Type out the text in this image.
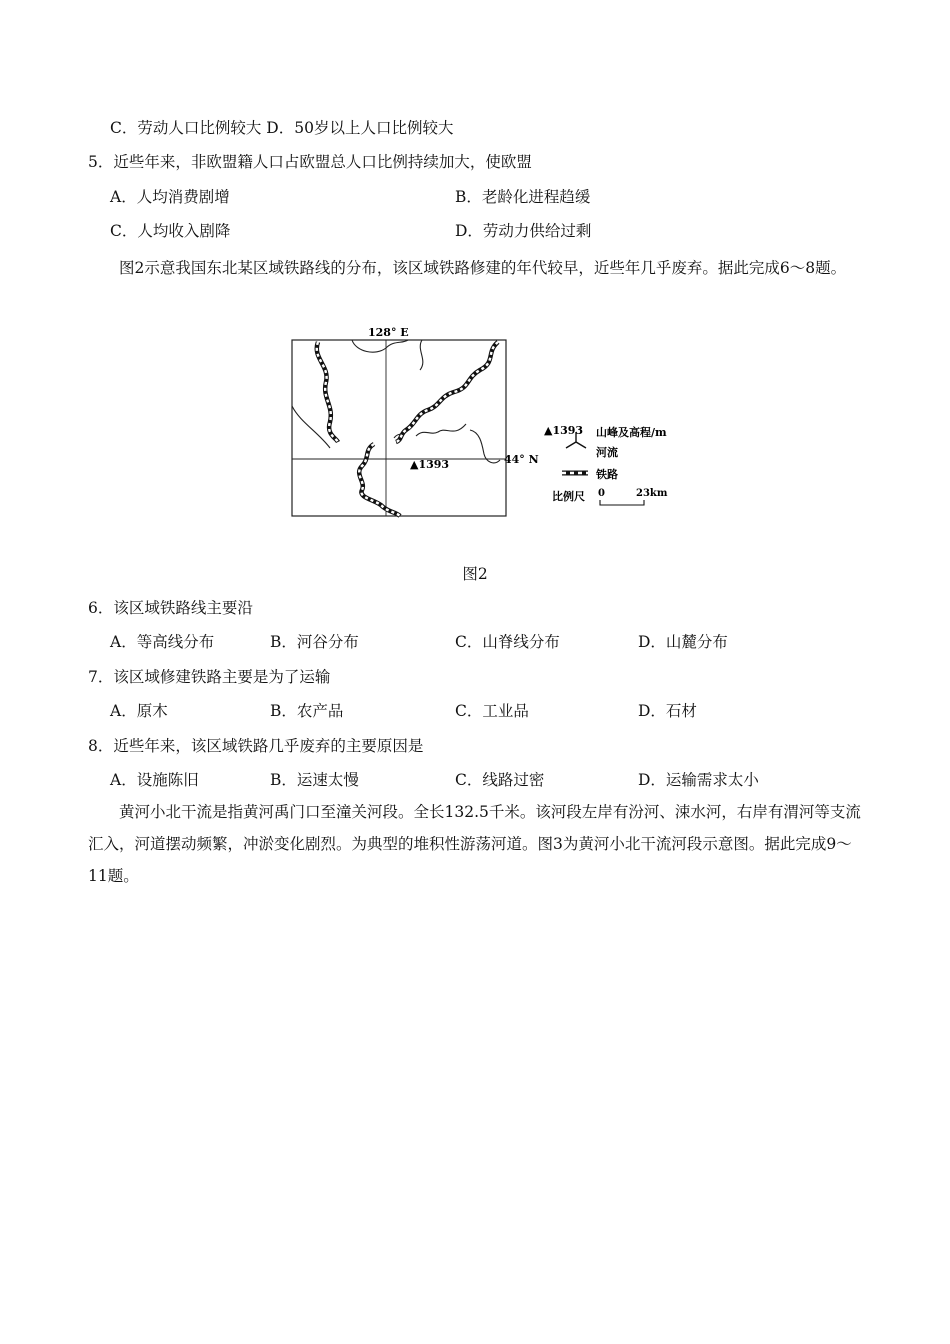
C．劳动人口比例较大 D．50岁以上人口比例较大
5．近些年来，非欧盟籍人口占欧盟总人口比例持续加大，使欧盟
A．人均消费剧增	B．老龄化进程趋缓
C．人均收入剧降	D．劳动力供给过剩
图2示意我国东北某区域铁路线的分布，该区域铁路修建的年代较早，近些年几乎废弃。据此完成6～8题。
128° E
▲1393	44° N
▲1393 山峰及高程/m
河流
铁路
比例尺 0	23km
图2
6．该区域铁路线主要沿
A．等高线分布	B．河谷分布	C．山脊线分布	D．山麓分布
7．该区域修建铁路主要是为了运输
A．原木	B．农产品	C．工业品	D．石材
8．近些年来，该区域铁路几乎废弃的主要原因是
A．设施陈旧	B．运速太慢	C．线路过密	D．运输需求太小
黄河小北干流是指黄河禹门口至潼关河段。全长132.5千米。该河段左岸有汾河、涑水河，右岸有渭河等支流汇入，河道摆动频繁，冲淤变化剧烈。为典型的堆积性游荡河道。图3为黄河小北干流河段示意图。据此完成9～11题。
